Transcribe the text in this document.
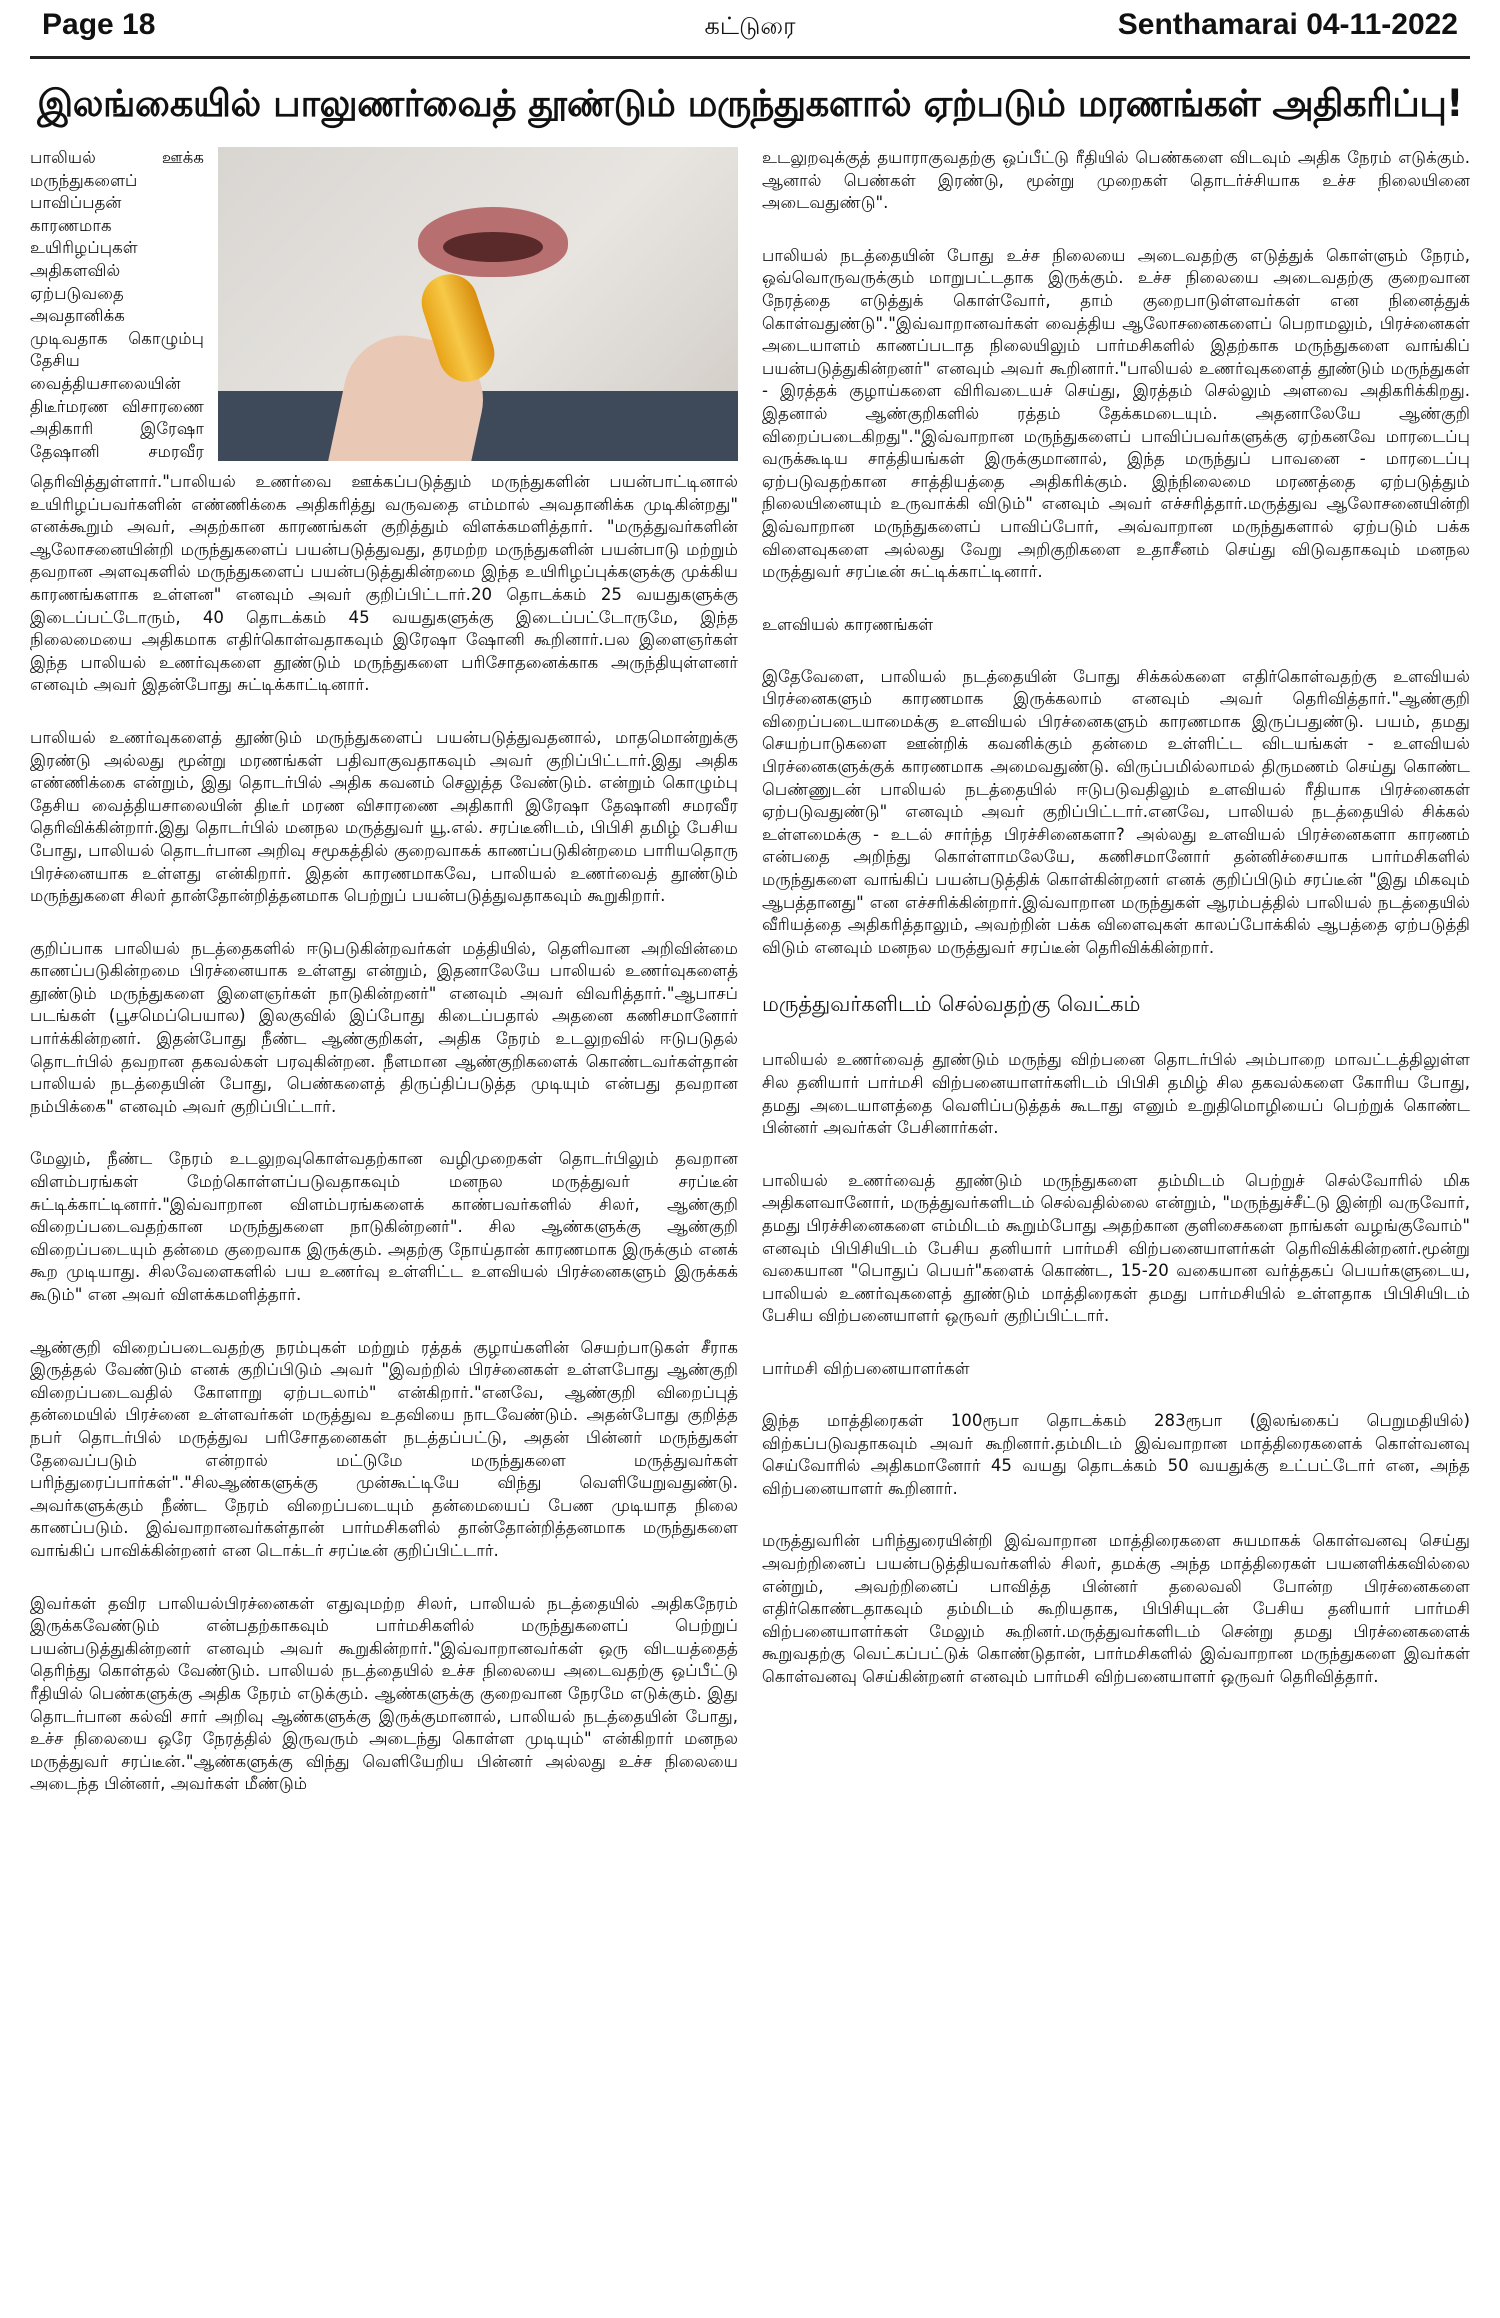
Page 18	கட்டுரை	Senthamarai 04-11-2022
இலங்கையில் பாலுணர்வைத் தூண்டும் மருந்துகளால் ஏற்படும் மரணங்கள் அதிகரிப்பு!

பாலியல் ஊக்க மருந்துகளைப் பாவிப்பதன் காரணமாக உயிரிழப்புகள் அதிகளவில் ஏற்படுவதை அவதானிக்க முடிவதாக கொழும்பு தேசிய வைத்தியசாலையின் திடீர்மரண விசாரணை அதிகாரி இரேஷா தேஷானி சமரவீர தெரிவித்துள்ளார்."பாலியல் உணர்வை ஊக்கப்படுத்தும் மருந்துகளின் பயன்பாட்டினால் உயிரிழப்பவர்களின் எண்ணிக்கை அதிகரித்து வருவதை எம்மால் அவதானிக்க முடிகின்றது" எனக்கூறும் அவர், அதற்கான காரணங்கள் குறித்தும் விளக்கமளித்தார். "மருத்துவர்களின் ஆலோசனையின்றி மருந்துகளைப் பயன்படுத்துவது, தரமற்ற மருந்துகளின் பயன்பாடு மற்றும் தவறான அளவுகளில் மருந்துகளைப் பயன்படுத்துகின்றமை இந்த உயிரிழப்புக்களுக்கு முக்கிய காரணங்களாக உள்ளன" எனவும் அவர் குறிப்பிட்டார்.20 தொடக்கம் 25 வயதுகளுக்கு இடைப்பட்டோரும், 40 தொடக்கம் 45 வயதுகளுக்கு இடைப்பட்டோருமே, இந்த நிலைமையை அதிகமாக எதிர்கொள்வதாகவும் இரேஷா ஷோனி கூறினார்.பல இளைஞர்கள் இந்த பாலியல் உணர்வுகளை தூண்டும் மருந்துகளை பரிசோதனைக்காக அருந்தியுள்ளனர் எனவும் அவர் இதன்போது சுட்டிக்காட்டினார்.

பாலியல் உணர்வுகளைத் தூண்டும் மருந்துகளைப் பயன்படுத்துவதனால், மாதமொன்றுக்கு இரண்டு அல்லது மூன்று மரணங்கள் பதிவாகுவதாகவும் அவர் குறிப்பிட்டார்.இது அதிக எண்ணிக்கை என்றும், இது தொடர்பில் அதிக கவனம் செலுத்த வேண்டும். என்றும் கொழும்பு தேசிய வைத்தியசாலையின் திடீர் மரண விசாரணை அதிகாரி இரேஷா தேஷானி சமரவீர தெரிவிக்கின்றார்.இது தொடர்பில் மனநல மருத்துவர் யூ.எல். சரப்டீனிடம், பிபிசி தமிழ் பேசிய போது, பாலியல் தொடர்பான அறிவு சமூகத்தில் குறைவாகக் காணப்படுகின்றமை பாரியதொரு பிரச்னையாக உள்ளது என்கிறார். இதன் காரணமாகவே, பாலியல் உணர்வைத் தூண்டும் மருந்துகளை சிலர் தான்தோன்றித்தனமாக பெற்றுப் பயன்படுத்துவதாகவும் கூறுகிறார்.

குறிப்பாக பாலியல் நடத்தைகளில் ஈடுபடுகின்றவர்கள் மத்தியில், தெளிவான அறிவின்மை காணப்படுகின்றமை பிரச்னையாக உள்ளது என்றும், இதனாலேயே பாலியல் உணர்வுகளைத் தூண்டும் மருந்துகளை இளைஞர்கள் நாடுகின்றனர்" எனவும் அவர் விவரித்தார்."ஆபாசப் படங்கள் (பூசமெப்பெயால) இலகுவில் இப்போது கிடைப்பதால் அதனை கணிசமானோர் பார்க்கின்றனர். இதன்போது நீண்ட ஆண்குறிகள், அதிக நேரம் உடலுறவில் ஈடுபடுதல் தொடர்பில் தவறான தகவல்கள் பரவுகின்றன. நீளமான ஆண்குறிகளைக் கொண்டவர்கள்தான் பாலியல் நடத்தையின் போது, பெண்களைத் திருப்திப்படுத்த முடியும் என்பது தவறான நம்பிக்கை" எனவும் அவர் குறிப்பிட்டார்.

மேலும், நீண்ட நேரம் உடலுறவுகொள்வதற்கான வழிமுறைகள் தொடர்பிலும் தவறான விளம்பரங்கள் மேற்கொள்ளப்படுவதாகவும் மனநல மருத்துவர் சரப்டீன் சுட்டிக்காட்டினார்."இவ்வாறான விளம்பரங்களைக் காண்பவர்களில் சிலர், ஆண்குறி விறைப்படைவதற்கான மருந்துகளை நாடுகின்றனர்". சில ஆண்களுக்கு ஆண்குறி விறைப்படையும் தன்மை குறைவாக இருக்கும். அதற்கு நோய்தான் காரணமாக இருக்கும் எனக் கூற முடியாது. சிலவேளைகளில் பய உணர்வு உள்ளிட்ட உளவியல் பிரச்னைகளும் இருக்கக் கூடும்" என அவர் விளக்கமளித்தார்.

ஆண்குறி விறைப்படைவதற்கு நரம்புகள் மற்றும் ரத்தக் குழாய்களின் செயற்பாடுகள் சீராக இருத்தல் வேண்டும் எனக் குறிப்பிடும் அவர் "இவற்றில் பிரச்னைகள் உள்ளபோது ஆண்குறி விறைப்படைவதில் கோளாறு ஏற்படலாம்" என்கிறார்."எனவே, ஆண்குறி விறைப்புத் தன்மையில் பிரச்னை உள்ளவர்கள் மருத்துவ உதவியை நாடவேண்டும். அதன்போது குறித்த நபர் தொடர்பில் மருத்துவ பரிசோதனைகள் நடத்தப்பட்டு, அதன் பின்னர் மருந்துகள் தேவைப்படும் என்றால் மட்டுமே மருந்துகளை மருத்துவர்கள் பரிந்துரைப்பார்கள்"."சிலஆண்களுக்கு முன்கூட்டியே விந்து வெளியேறுவதுண்டு. அவர்களுக்கும் நீண்ட நேரம் விறைப்படையும் தன்மையைப் பேண முடியாத நிலை காணப்படும். இவ்வாறானவர்கள்தான் பார்மசிகளில் தான்தோன்றித்தனமாக மருந்துகளை வாங்கிப் பாவிக்கின்றனர் என டொக்டர் சரப்டீன் குறிப்பிட்டார்.

இவர்கள் தவிர பாலியல்பிரச்னைகள் எதுவுமற்ற சிலர், பாலியல் நடத்தையில் அதிகநேரம் இருக்கவேண்டும் என்பதற்காகவும் பார்மசிகளில் மருந்துகளைப் பெற்றுப் பயன்படுத்துகின்றனர் எனவும் அவர் கூறுகின்றார்."இவ்வாறானவர்கள் ஒரு விடயத்தைத் தெரிந்து கொள்தல் வேண்டும். பாலியல் நடத்தையில் உச்ச நிலையை அடைவதற்கு ஒப்பீட்டு ரீதியில் பெண்களுக்கு அதிக நேரம் எடுக்கும். ஆண்களுக்கு குறைவான நேரமே எடுக்கும். இது தொடர்பான கல்வி சார் அறிவு ஆண்களுக்கு இருக்குமானால், பாலியல் நடத்தையின் போது, உச்ச நிலையை ஒரே நேரத்தில் இருவரும் அடைந்து கொள்ள முடியும்" என்கிறார் மனநல மருத்துவர் சரப்டீன்."ஆண்களுக்கு விந்து வெளியேறிய பின்னர் அல்லது உச்ச நிலையை அடைந்த பின்னர், அவர்கள் மீண்டும்

உடலுறவுக்குத் தயாராகுவதற்கு ஒப்பீட்டு ரீதியில் பெண்களை விடவும் அதிக நேரம் எடுக்கும். ஆனால் பெண்கள் இரண்டு, மூன்று முறைகள் தொடர்ச்சியாக உச்ச நிலையினை அடைவதுண்டு".

பாலியல் நடத்தையின் போது உச்ச நிலையை அடைவதற்கு எடுத்துக் கொள்ளும் நேரம், ஒவ்வொருவருக்கும் மாறுபட்டதாக இருக்கும். உச்ச நிலையை அடைவதற்கு குறைவான நேரத்தை எடுத்துக் கொள்வோர், தாம் குறைபாடுள்ளவர்கள் என நினைத்துக் கொள்வதுண்டு"."இவ்வாறானவர்கள் வைத்திய ஆலோசனைகளைப் பெறாமலும், பிரச்னைகள் அடையாளம் காணப்படாத நிலையிலும் பார்மசிகளில் இதற்காக மருந்துகளை வாங்கிப் பயன்படுத்துகின்றனர்" எனவும் அவர் கூறினார்."பாலியல் உணர்வுகளைத் தூண்டும் மருந்துகள் - இரத்தக் குழாய்களை விரிவடையச் செய்து, இரத்தம் செல்லும் அளவை அதிகரிக்கிறது. இதனால் ஆண்குறிகளில் ரத்தம் தேக்கமடையும். அதனாலேயே ஆண்குறி விறைப்படைகிறது"."இவ்வாறான மருந்துகளைப் பாவிப்பவர்களுக்கு ஏற்கனவே மாரடைப்பு வருக்கூடிய சாத்தியங்கள் இருக்குமானால், இந்த மருந்துப் பாவனை - மாரடைப்பு ஏற்படுவதற்கான சாத்தியத்தை அதிகரிக்கும். இந்நிலைமை மரணத்தை ஏற்படுத்தும் நிலையினையும் உருவாக்கி விடும்" எனவும் அவர் எச்சரித்தார்.மருத்துவ ஆலோசனையின்றி இவ்வாறான மருந்துகளைப் பாவிப்போர், அவ்வாறான மருந்துகளால் ஏற்படும் பக்க விளைவுகளை அல்லது வேறு அறிகுறிகளை உதாசீனம் செய்து விடுவதாகவும் மனநல மருத்துவர் சரப்டீன் சுட்டிக்காட்டினார்.

உளவியல் காரணங்கள்

இதேவேளை, பாலியல் நடத்தையின் போது சிக்கல்களை எதிர்கொள்வதற்கு உளவியல் பிரச்னைகளும் காரணமாக இருக்கலாம் எனவும் அவர் தெரிவித்தார்."ஆண்குறி விறைப்படையாமைக்கு உளவியல் பிரச்னைகளும் காரணமாக இருப்பதுண்டு. பயம், தமது செயற்பாடுகளை ஊன்றிக் கவனிக்கும் தன்மை உள்ளிட்ட விடயங்கள் - உளவியல் பிரச்னைகளுக்குக் காரணமாக அமைவதுண்டு. விருப்பமில்லாமல் திருமணம் செய்து கொண்ட பெண்ணுடன் பாலியல் நடத்தையில் ஈடுபடுவதிலும் உளவியல் ரீதியாக பிரச்னைகள் ஏற்படுவதுண்டு" எனவும் அவர் குறிப்பிட்டார்.எனவே, பாலியல் நடத்தையில் சிக்கல் உள்ளமைக்கு - உடல் சார்ந்த பிரச்சினைகளா? அல்லது உளவியல் பிரச்னைகளா காரணம் என்பதை அறிந்து கொள்ளாமலேயே, கணிசமானோர் தன்னிச்சையாக பார்மசிகளில் மருந்துகளை வாங்கிப் பயன்படுத்திக் கொள்கின்றனர் எனக் குறிப்பிடும் சரப்டீன் "இது மிகவும் ஆபத்தானது" என எச்சரிக்கின்றார்.இவ்வாறான மருந்துகள் ஆரம்பத்தில் பாலியல் நடத்தையில் வீரியத்தை அதிகரித்தாலும், அவற்றின் பக்க விளைவுகள் காலப்போக்கில் ஆபத்தை ஏற்படுத்தி விடும் எனவும் மனநல மருத்துவர் சரப்டீன் தெரிவிக்கின்றார்.

மருத்துவர்களிடம் செல்வதற்கு வெட்கம்

பாலியல் உணர்வைத் தூண்டும் மருந்து விற்பனை தொடர்பில் அம்பாறை மாவட்டத்திலுள்ள சில தனியார் பார்மசி விற்பனையாளர்களிடம் பிபிசி தமிழ் சில தகவல்களை கோரிய போது, தமது அடையாளத்தை வெளிப்படுத்தக் கூடாது எனும் உறுதிமொழியைப் பெற்றுக் கொண்ட பின்னர் அவர்கள் பேசினார்கள்.

பாலியல் உணர்வைத் தூண்டும் மருந்துகளை தம்மிடம் பெற்றுச் செல்வோரில் மிக அதிகளவானோர், மருத்துவர்களிடம் செல்வதில்லை என்றும், "மருந்துச்சீட்டு இன்றி வருவோர், தமது பிரச்சினைகளை எம்மிடம் கூறும்போது அதற்கான குளிசைகளை நாங்கள் வழங்குவோம்" எனவும் பிபிசியிடம் பேசிய தனியார் பார்மசி விற்பனையாளர்கள் தெரிவிக்கின்றனர்.மூன்று வகையான "பொதுப் பெயர்"களைக் கொண்ட, 15-20 வகையான வர்த்தகப் பெயர்களுடைய, பாலியல் உணர்வுகளைத் தூண்டும் மாத்திரைகள் தமது பார்மசியில் உள்ளதாக பிபிசியிடம் பேசிய விற்பனையாளர் ஒருவர் குறிப்பிட்டார்.

பார்மசி விற்பனையாளர்கள்

இந்த மாத்திரைகள் 100ரூபா தொடக்கம் 283ரூபா (இலங்கைப் பெறுமதியில்) விற்கப்படுவதாகவும் அவர் கூறினார்.தம்மிடம் இவ்வாறான மாத்திரைகளைக் கொள்வனவு செய்வோரில் அதிகமானோர் 45 வயது தொடக்கம் 50 வயதுக்கு உட்பட்டோர் என, அந்த விற்பனையாளர் கூறினார்.

மருத்துவரின் பரிந்துரையின்றி இவ்வாறான மாத்திரைகளை சுயமாகக் கொள்வனவு செய்து அவற்றினைப் பயன்படுத்தியவர்களில் சிலர், தமக்கு அந்த மாத்திரைகள் பயனளிக்கவில்லை என்றும், அவற்றினைப் பாவித்த பின்னர் தலைவலி போன்ற பிரச்னைகளை எதிர்கொண்டதாகவும் தம்மிடம் கூறியதாக, பிபிசியுடன் பேசிய தனியார் பார்மசி விற்பனையாளர்கள் மேலும் கூறினர்.மருத்துவர்களிடம் சென்று தமது பிரச்னைகளைக் கூறுவதற்கு வெட்கப்பட்டுக் கொண்டுதான், பார்மசிகளில் இவ்வாறான மருந்துகளை இவர்கள் கொள்வனவு செய்கின்றனர் எனவும் பார்மசி விற்பனையாளர் ஒருவர் தெரிவித்தார்.
